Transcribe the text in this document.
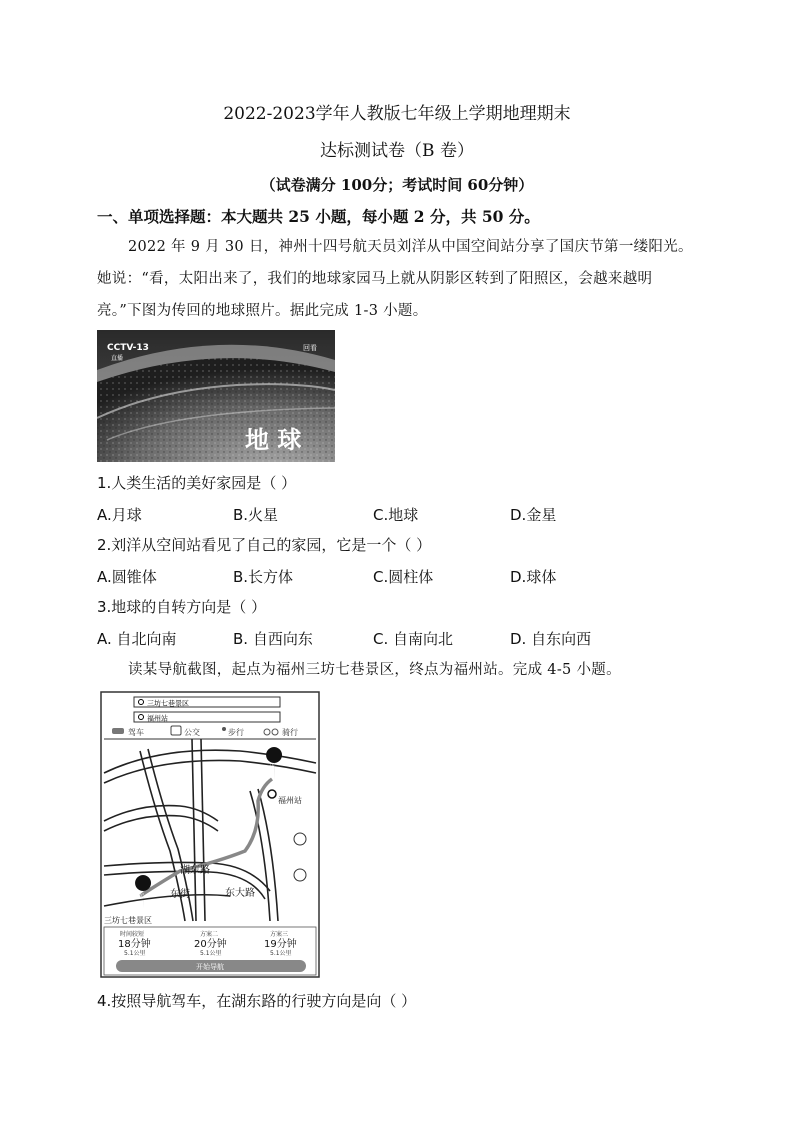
2022-2023学年人教版七年级上学期地理期末
达标测试卷（B 卷）
（试卷满分 100分；考试时间 60分钟）
一、单项选择题：本大题共 25 小题，每小题 2 分，共 50 分。
2022 年 9 月 30 日，神州十四号航天员刘洋从中国空间站分享了国庆节第一缕阳光。她说：“看，太阳出来了，我们的地球家园马上就从阴影区转到了阳照区，会越来越明亮。”下图为传回的地球照片。据此完成 1-3 小题。
CCTV-13
直播
回看
地 球
1.人类生活的美好家园是（ ）
A.月球	B.火星	C.地球	D.金星
2.刘洋从空间站看见了自己的家园，它是一个（ ）
A.圆锥体	B.长方体	C.圆柱体	D.球体
3.地球的自转方向是（ ）
A. 自北向南	B. 自西向东	C. 自南向北	D. 自东向西
读某导航截图，起点为福州三坊七巷景区，终点为福州站。完成 4-5 小题。
三坊七巷景区
福州站
驾车	公交	步行	骑行
终
福州站
湖东路
东街	东大路
起
三坊七巷景区
时间较短
18分钟
5.1公里
方案二
20分钟
5.1公里
方案三
19分钟
5.1公里
开始导航
4.按照导航驾车，在湖东路的行驶方向是向（ ）
